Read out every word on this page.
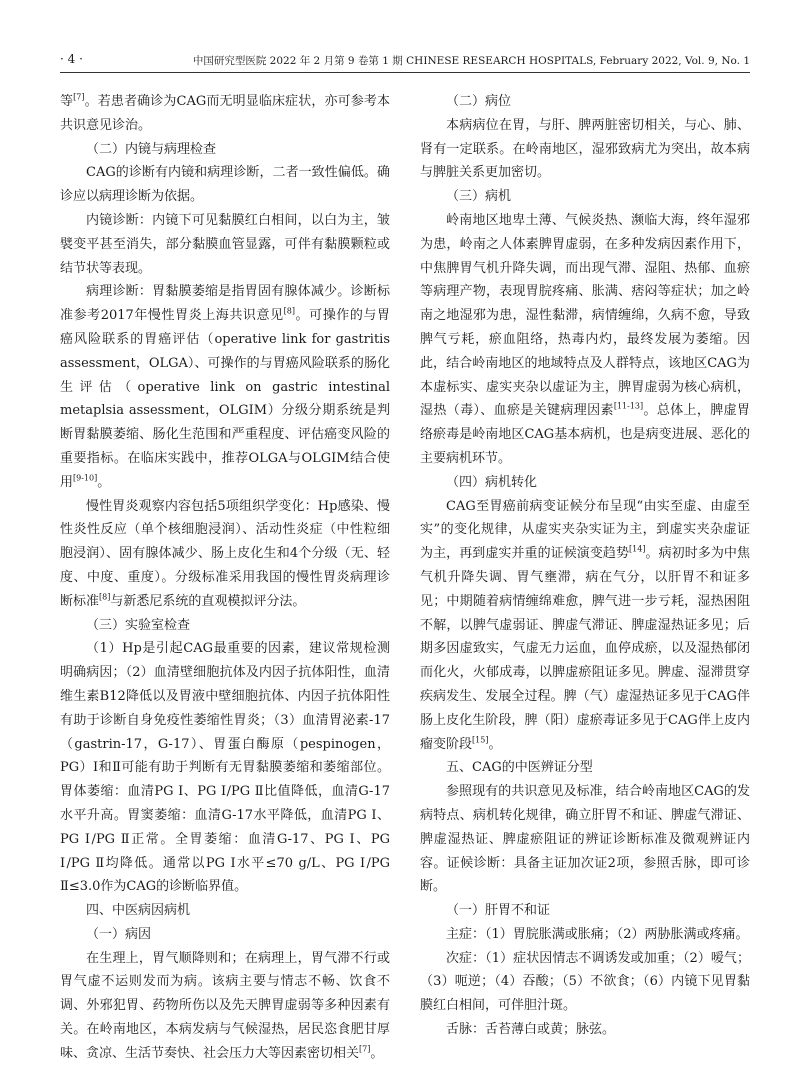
· 4 ·	中国研究型医院 2022 年 2 月第 9 卷第 1 期 CHINESE RESEARCH HOSPITALS, February 2022, Vol. 9, No. 1

等[7]。若患者确诊为CAG而无明显临床症状，亦可参考本共识意见诊治。

（二）内镜与病理检查

CAG的诊断有内镜和病理诊断，二者一致性偏低。确诊应以病理诊断为依据。

内镜诊断：内镜下可见黏膜红白相间，以白为主，皱襞变平甚至消失，部分黏膜血管显露，可伴有黏膜颗粒或结节状等表现。

病理诊断：胃黏膜萎缩是指胃固有腺体减少。诊断标准参考2017年慢性胃炎上海共识意见[8]。可操作的与胃癌风险联系的胃癌评估（operative link for gastritis assessment，OLGA）、可操作的与胃癌风险联系的肠化生评估（operative link on gastric intestinal metaplsia assessment，OLGIM）分级分期系统是判断胃黏膜萎缩、肠化生范围和严重程度、评估癌变风险的重要指标。在临床实践中，推荐OLGA与OLGIM结合使用[9-10]。

慢性胃炎观察内容包括5项组织学变化：Hp感染、慢性炎性反应（单个核细胞浸润）、活动性炎症（中性粒细胞浸润）、固有腺体减少、肠上皮化生和4个分级（无、轻度、中度、重度）。分级标准采用我国的慢性胃炎病理诊断标准[8]与新悉尼系统的直观模拟评分法。

（三）实验室检查

（1）Hp是引起CAG最重要的因素，建议常规检测明确病因；（2）血清壁细胞抗体及内因子抗体阳性，血清维生素B12降低以及胃液中壁细胞抗体、内因子抗体阳性有助于诊断自身免疫性萎缩性胃炎；（3）血清胃泌素-17（gastrin-17，G-17）、胃蛋白酶原（pespinogen，PG）Ⅰ和Ⅱ可能有助于判断有无胃黏膜萎缩和萎缩部位。胃体萎缩：血清PG Ⅰ、PG Ⅰ/PG Ⅱ比值降低，血清G-17水平升高。胃窦萎缩：血清G-17水平降低，血清PG Ⅰ、PG Ⅰ/PG Ⅱ正常。全胃萎缩：血清G-17、PG Ⅰ、PG Ⅰ/PG Ⅱ均降低。通常以PG Ⅰ水平≤70 g/L、PG Ⅰ/PG Ⅱ≤3.0作为CAG的诊断临界值。

四、中医病因病机

（一）病因

在生理上，胃气顺降则和；在病理上，胃气滞不行或胃气虚不运则发而为病。该病主要与情志不畅、饮食不调、外邪犯胃、药物所伤以及先天脾胃虚弱等多种因素有关。在岭南地区，本病发病与气候湿热，居民恣食肥甘厚味、贪凉、生活节奏快、社会压力大等因素密切相关[7]。

（二）病位

本病病位在胃，与肝、脾两脏密切相关，与心、肺、肾有一定联系。在岭南地区，湿邪致病尤为突出，故本病与脾脏关系更加密切。

（三）病机

岭南地区地卑土薄、气候炎热、濒临大海，终年湿邪为患，岭南之人体素脾胃虚弱，在多种发病因素作用下，中焦脾胃气机升降失调，而出现气滞、湿阻、热郁、血瘀等病理产物，表现胃脘疼痛、胀满、痞闷等症状；加之岭南之地湿邪为患，湿性黏滞，病情缠绵，久病不愈，导致脾气亏耗，瘀血阻络，热毒内灼，最终发展为萎缩。因此，结合岭南地区的地域特点及人群特点，该地区CAG为本虚标实、虚实夹杂以虚证为主，脾胃虚弱为核心病机，湿热（毒）、血瘀是关键病理因素[11-13]。总体上，脾虚胃络瘀毒是岭南地区CAG基本病机，也是病变进展、恶化的主要病机环节。

（四）病机转化

CAG至胃癌前病变证候分布呈现“由实至虚、由虚至实”的变化规律，从虚实夹杂实证为主，到虚实夹杂虚证为主，再到虚实并重的证候演变趋势[14]。病初时多为中焦气机升降失调、胃气壅滞，病在气分，以肝胃不和证多见；中期随着病情缠绵难愈，脾气进一步亏耗，湿热困阻不解，以脾气虚弱证、脾虚气滞证、脾虚湿热证多见；后期多因虚致实，气虚无力运血，血停成瘀，以及湿热郁闭而化火，火郁成毒，以脾虚瘀阻证多见。脾虚、湿滞贯穿疾病发生、发展全过程。脾（气）虚湿热证多见于CAG伴肠上皮化生阶段，脾（阳）虚瘀毒证多见于CAG伴上皮内瘤变阶段[15]。

五、CAG的中医辨证分型

参照现有的共识意见及标准，结合岭南地区CAG的发病特点、病机转化规律，确立肝胃不和证、脾虚气滞证、脾虚湿热证、脾虚瘀阻证的辨证诊断标准及微观辨证内容。证候诊断：具备主证加次证2项，参照舌脉，即可诊断。

（一）肝胃不和证

主症：（1）胃脘胀满或胀痛；（2）两胁胀满或疼痛。

次症：（1）症状因情志不调诱发或加重；（2）嗳气；（3）呃逆；（4）吞酸；（5）不欲食；（6）内镜下见胃黏膜红白相间，可伴胆汁斑。

舌脉：舌苔薄白或黄；脉弦。
